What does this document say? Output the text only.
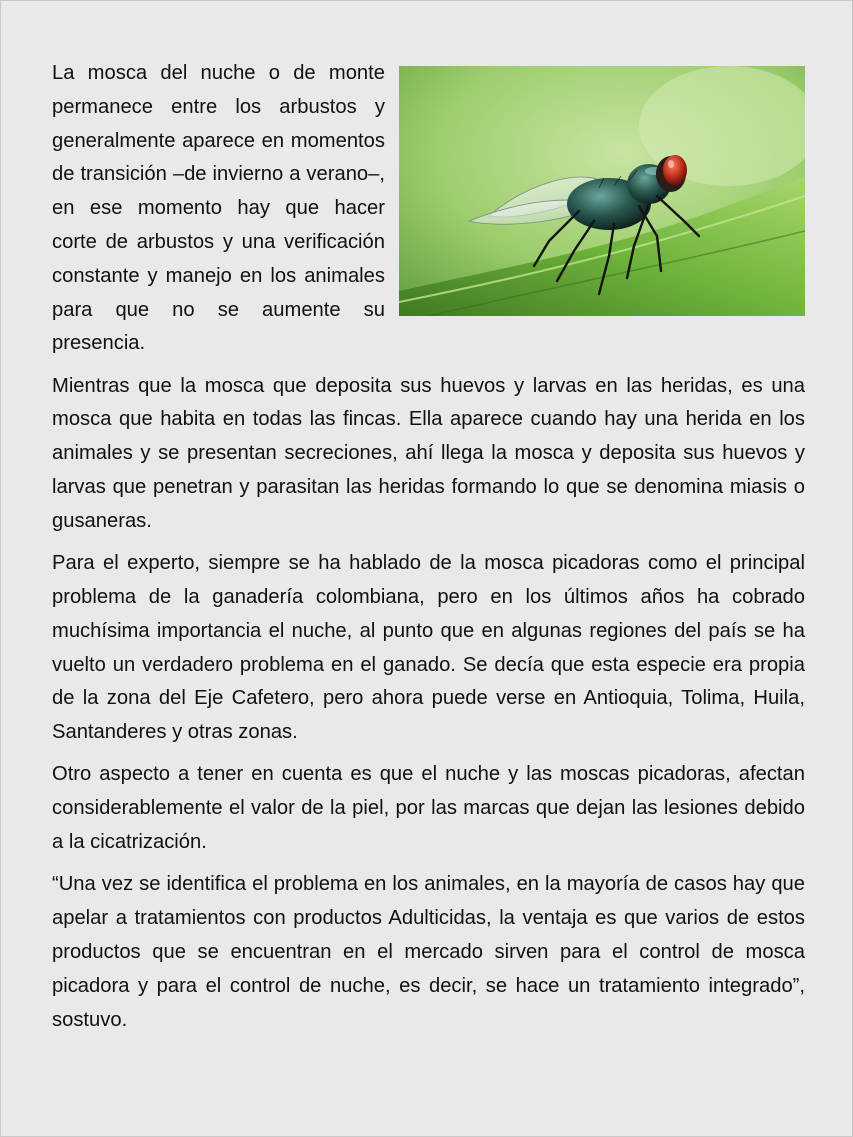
La mosca del nuche o de monte permanece entre los arbustos y generalmente aparece en momentos de transición –de invierno a verano–, en ese momento hay que hacer corte de arbustos y una verificación constante y manejo en los animales para que no se aumente su presencia.

Mientras que la mosca que deposita sus huevos y larvas en las heridas, es una mosca que habita en todas las fincas. Ella aparece cuando hay una herida en los animales y se presentan secreciones, ahí llega la mosca y deposita sus huevos y larvas que penetran y parasitan las heridas formando lo que se denomina miasis o gusaneras.

Para el experto, siempre se ha hablado de la mosca picadoras como el principal problema de la ganadería colombiana, pero en los últimos años ha cobrado muchísima importancia el nuche, al punto que en algunas regiones del país se ha vuelto un verdadero problema en el ganado. Se decía que esta especie era propia de la zona del Eje Cafetero, pero ahora puede verse en Antioquia, Tolima, Huila, Santanderes y otras zonas.

Otro aspecto a tener en cuenta es que el nuche y las moscas picadoras, afectan considerablemente el valor de la piel, por las marcas que dejan las lesiones debido a la cicatrización.

“Una vez se identifica el problema en los animales, en la mayoría de casos hay que apelar a tratamientos con productos Adulticidas, la ventaja es que varios de estos productos que se encuentran en el mercado sirven para el control de mosca picadora y para el control de nuche, es decir, se hace un tratamiento integrado”, sostuvo.
